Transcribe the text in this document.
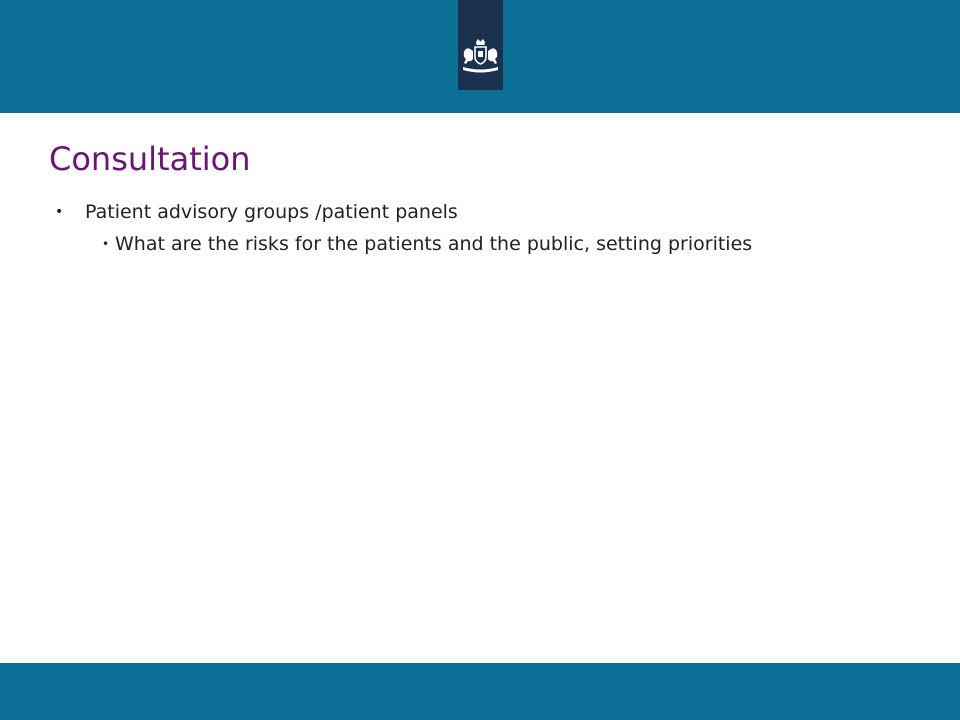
Consultation
• Patient advisory groups /patient panels
• What are the risks for the patients and the public, setting priorities
